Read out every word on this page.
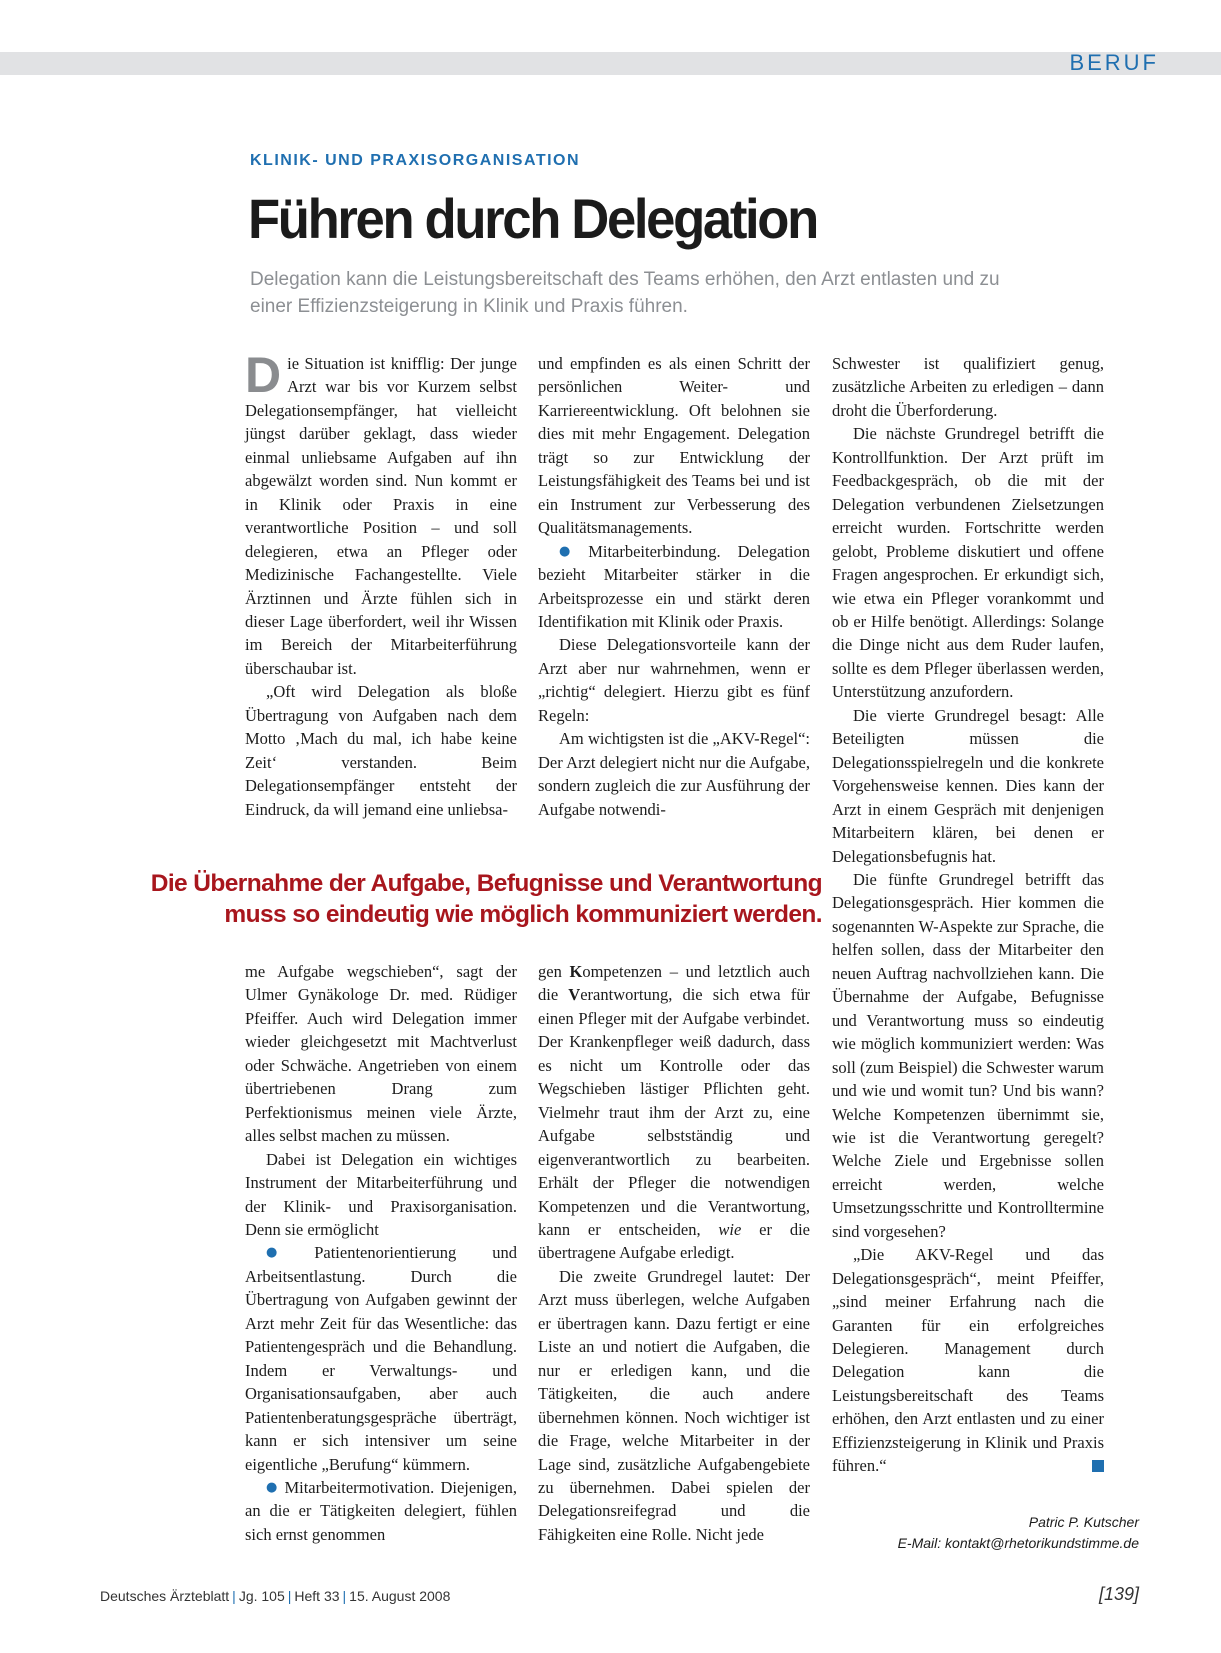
BERUF
KLINIK- UND PRAXISORGANISATION
Führen durch Delegation
Delegation kann die Leistungsbereitschaft des Teams erhöhen, den Arzt entlasten und zu einer Effizienzsteigerung in Klinik und Praxis führen.

Die Situation ist knifflig: Der junge Arzt war bis vor Kurzem selbst Delegationsempfänger, hat vielleicht jüngst darüber geklagt, dass wieder einmal unliebsame Aufgaben auf ihn abgewälzt worden sind. Nun kommt er in Klinik oder Praxis in eine verantwortliche Position – und soll delegieren, etwa an Pfleger oder Medizinische Fachangestellte. Viele Ärztinnen und Ärzte fühlen sich in dieser Lage überfordert, weil ihr Wissen im Bereich der Mitarbeiterführung überschaubar ist.

„Oft wird Delegation als bloße Übertragung von Aufgaben nach dem Motto ‚Mach du mal, ich habe keine Zeit‘ verstanden. Beim Delegationsempfänger entsteht der Eindruck, da will jemand eine unliebsa-

und empfinden es als einen Schritt der persönlichen Weiter- und Karriereentwicklung. Oft belohnen sie dies mit mehr Engagement. Delegation trägt so zur Entwicklung der Leistungsfähigkeit des Teams bei und ist ein Instrument zur Verbesserung des Qualitätsmanagements.

● Mitarbeiterbindung. Delegation bezieht Mitarbeiter stärker in die Arbeitsprozesse ein und stärkt deren Identifikation mit Klinik oder Praxis.

Diese Delegationsvorteile kann der Arzt aber nur wahrnehmen, wenn er „richtig“ delegiert. Hierzu gibt es fünf Regeln:

Am wichtigsten ist die „AKV-Regel“: Der Arzt delegiert nicht nur die Aufgabe, sondern zugleich die zur Ausführung der Aufgabe notwendi-

Die Übernahme der Aufgabe, Befugnisse und Verantwortung
muss so eindeutig wie möglich kommuniziert werden.

me Aufgabe wegschieben“, sagt der Ulmer Gynäkologe Dr. med. Rüdiger Pfeiffer. Auch wird Delegation immer wieder gleichgesetzt mit Machtverlust oder Schwäche. Angetrieben von einem übertriebenen Drang zum Perfektionismus meinen viele Ärzte, alles selbst machen zu müssen.

Dabei ist Delegation ein wichtiges Instrument der Mitarbeiterführung und der Klinik- und Praxisorganisation. Denn sie ermöglicht

● Patientenorientierung und Arbeitsentlastung. Durch die Übertragung von Aufgaben gewinnt der Arzt mehr Zeit für das Wesentliche: das Patientengespräch und die Behandlung. Indem er Verwaltungs- und Organisationsaufgaben, aber auch Patientenberatungsgespräche überträgt, kann er sich intensiver um seine eigentliche „Berufung“ kümmern.

● Mitarbeitermotivation. Diejenigen, an die er Tätigkeiten delegiert, fühlen sich ernst genommen

gen Kompetenzen – und letztlich auch die Verantwortung, die sich etwa für einen Pfleger mit der Aufgabe verbindet. Der Krankenpfleger weiß dadurch, dass es nicht um Kontrolle oder das Wegschieben lästiger Pflichten geht. Vielmehr traut ihm der Arzt zu, eine Aufgabe selbstständig und eigenverantwortlich zu bearbeiten. Erhält der Pfleger die notwendigen Kompetenzen und die Verantwortung, kann er entscheiden, wie er die übertragene Aufgabe erledigt.

Die zweite Grundregel lautet: Der Arzt muss überlegen, welche Aufgaben er übertragen kann. Dazu fertigt er eine Liste an und notiert die Aufgaben, die nur er erledigen kann, und die Tätigkeiten, die auch andere übernehmen können. Noch wichtiger ist die Frage, welche Mitarbeiter in der Lage sind, zusätzliche Aufgabengebiete zu übernehmen. Dabei spielen der Delegationsreifegrad und die Fähigkeiten eine Rolle. Nicht jede

Schwester ist qualifiziert genug, zusätzliche Arbeiten zu erledigen – dann droht die Überforderung.

Die nächste Grundregel betrifft die Kontrollfunktion. Der Arzt prüft im Feedbackgespräch, ob die mit der Delegation verbundenen Zielsetzungen erreicht wurden. Fortschritte werden gelobt, Probleme diskutiert und offene Fragen angesprochen. Er erkundigt sich, wie etwa ein Pfleger vorankommt und ob er Hilfe benötigt. Allerdings: Solange die Dinge nicht aus dem Ruder laufen, sollte es dem Pfleger überlassen werden, Unterstützung anzufordern.

Die vierte Grundregel besagt: Alle Beteiligten müssen die Delegationsspielregeln und die konkrete Vorgehensweise kennen. Dies kann der Arzt in einem Gespräch mit denjenigen Mitarbeitern klären, bei denen er Delegationsbefugnis hat.

Die fünfte Grundregel betrifft das Delegationsgespräch. Hier kommen die sogenannten W-Aspekte zur Sprache, die helfen sollen, dass der Mitarbeiter den neuen Auftrag nachvollziehen kann. Die Übernahme der Aufgabe, Befugnisse und Verantwortung muss so eindeutig wie möglich kommuniziert werden: Was soll (zum Beispiel) die Schwester warum und wie und womit tun? Und bis wann? Welche Kompetenzen übernimmt sie, wie ist die Verantwortung geregelt? Welche Ziele und Ergebnisse sollen erreicht werden, welche Umsetzungsschritte und Kontrolltermine sind vorgesehen?

„Die AKV-Regel und das Delegationsgespräch“, meint Pfeiffer, „sind meiner Erfahrung nach die Garanten für ein erfolgreiches Delegieren. Management durch Delegation kann die Leistungsbereitschaft des Teams erhöhen, den Arzt entlasten und zu einer Effizienzsteigerung in Klinik und Praxis führen.“

Patric P. Kutscher
E-Mail: kontakt@rhetorikundstimme.de
Deutsches Ärzteblatt | Jg. 105 | Heft 33 | 15. August 2008	[139]
